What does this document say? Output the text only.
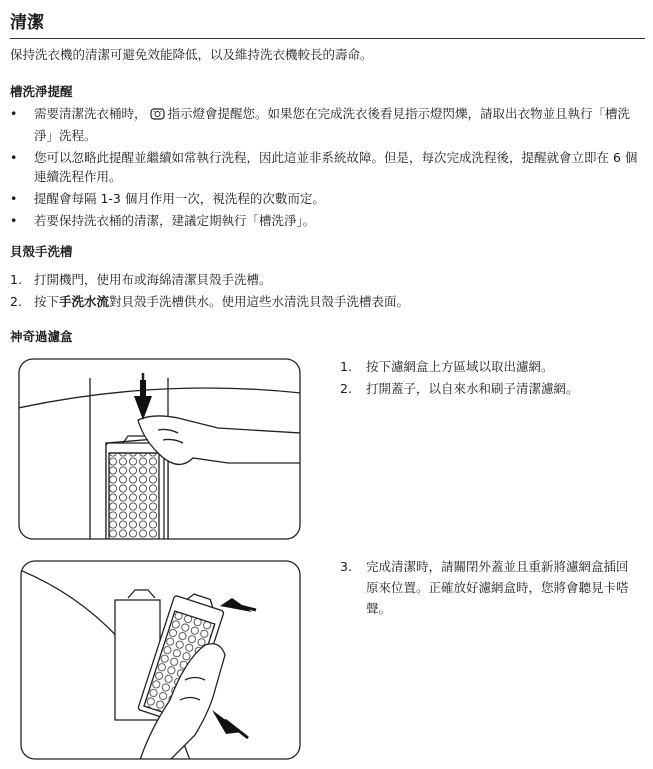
清潔
保持洗衣機的清潔可避免效能降低，以及維持洗衣機較長的壽命。
槽洗淨提醒
• 需要清潔洗衣桶時， 指示燈會提醒您。如果您在完成洗衣後看見指示燈閃爍，請取出衣物並且執行「槽洗淨」洗程。
• 您可以忽略此提醒並繼續如常執行洗程，因此這並非系統故障。但是，每次完成洗程後，提醒就會立即在 6 個連續洗程作用。
• 提醒會每隔 1-3 個月作用一次，視洗程的次數而定。
• 若要保持洗衣桶的清潔，建議定期執行「槽洗淨」。
貝殼手洗槽
1. 打開機門，使用布或海綿清潔貝殼手洗槽。
2. 按下手洗水流對貝殼手洗槽供水。使用這些水清洗貝殼手洗槽表面。
神奇過濾盒
1. 按下濾網盒上方區域以取出濾網。
2. 打開蓋子，以自來水和刷子清潔濾網。
3. 完成清潔時，請關閉外蓋並且重新將濾網盒插回原來位置。正確放好濾網盒時，您將會聽見卡嗒聲。
